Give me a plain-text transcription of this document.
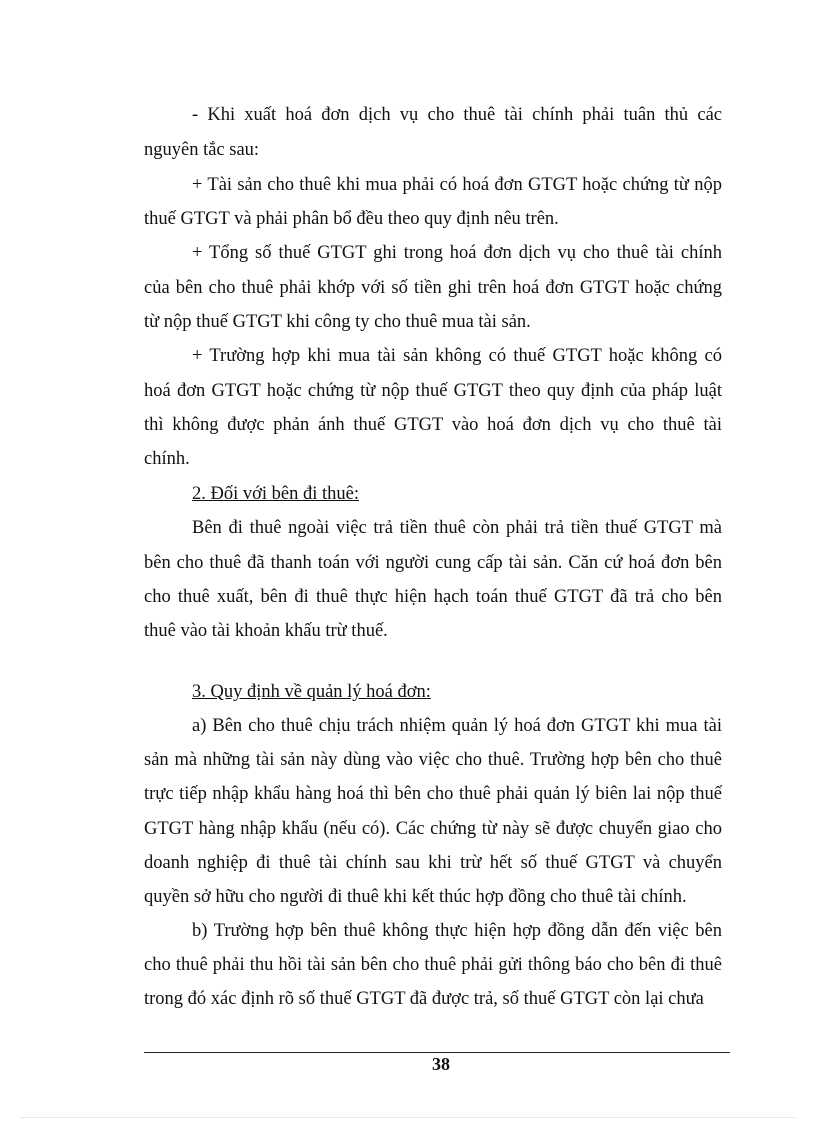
- Khi xuất hoá đơn dịch vụ cho thuê tài chính phải tuân thủ các
nguyên tắc sau:
+ Tài sản cho thuê khi mua phải có hoá đơn GTGT hoặc chứng từ nộp
thuế GTGT và phải phân bổ đều theo quy định nêu trên.
+ Tổng số thuế GTGT ghi trong hoá đơn dịch vụ cho thuê tài chính
của bên cho thuê phải khớp với số tiền ghi trên hoá đơn GTGT hoặc chứng
từ nộp thuế GTGT khi công ty cho thuê mua tài sản.
+ Trường hợp khi mua tài sản không có thuế GTGT hoặc không có
hoá đơn GTGT hoặc chứng từ nộp thuế GTGT theo quy định của pháp luật
thì không được phản ánh thuế GTGT vào hoá đơn dịch vụ cho thuê tài
chính.
2. Đối với bên đi thuê:
Bên đi thuê ngoài việc trả tiền thuê còn phải trả tiền thuế GTGT mà
bên cho thuê đã thanh toán với người cung cấp tài sản. Căn cứ hoá đơn bên
cho thuê xuất, bên đi thuê thực hiện hạch toán thuế GTGT đã trả cho bên
thuê vào tài khoản khấu trừ thuế.
3. Quy định về quản lý hoá đơn:
a) Bên cho thuê chịu trách nhiệm quản lý hoá đơn GTGT khi mua tài
sản mà những tài sản này dùng vào việc cho thuê. Trường hợp bên cho thuê
trực tiếp nhập khẩu hàng hoá thì bên cho thuê phải quản lý biên lai nộp thuế
GTGT hàng nhập khẩu (nếu có). Các chứng từ này sẽ được chuyển giao cho
doanh nghiệp đi thuê tài chính sau khi trừ hết số thuế GTGT và chuyển
quyền sở hữu cho người đi thuê khi kết thúc hợp đồng cho thuê tài chính.
b) Trường hợp bên thuê không thực hiện hợp đồng dẫn đến việc bên
cho thuê phải thu hồi tài sản bên cho thuê phải gửi thông báo cho bên đi thuê
trong đó xác định rõ số thuế GTGT đã được trả, số thuế GTGT còn lại chưa
38
